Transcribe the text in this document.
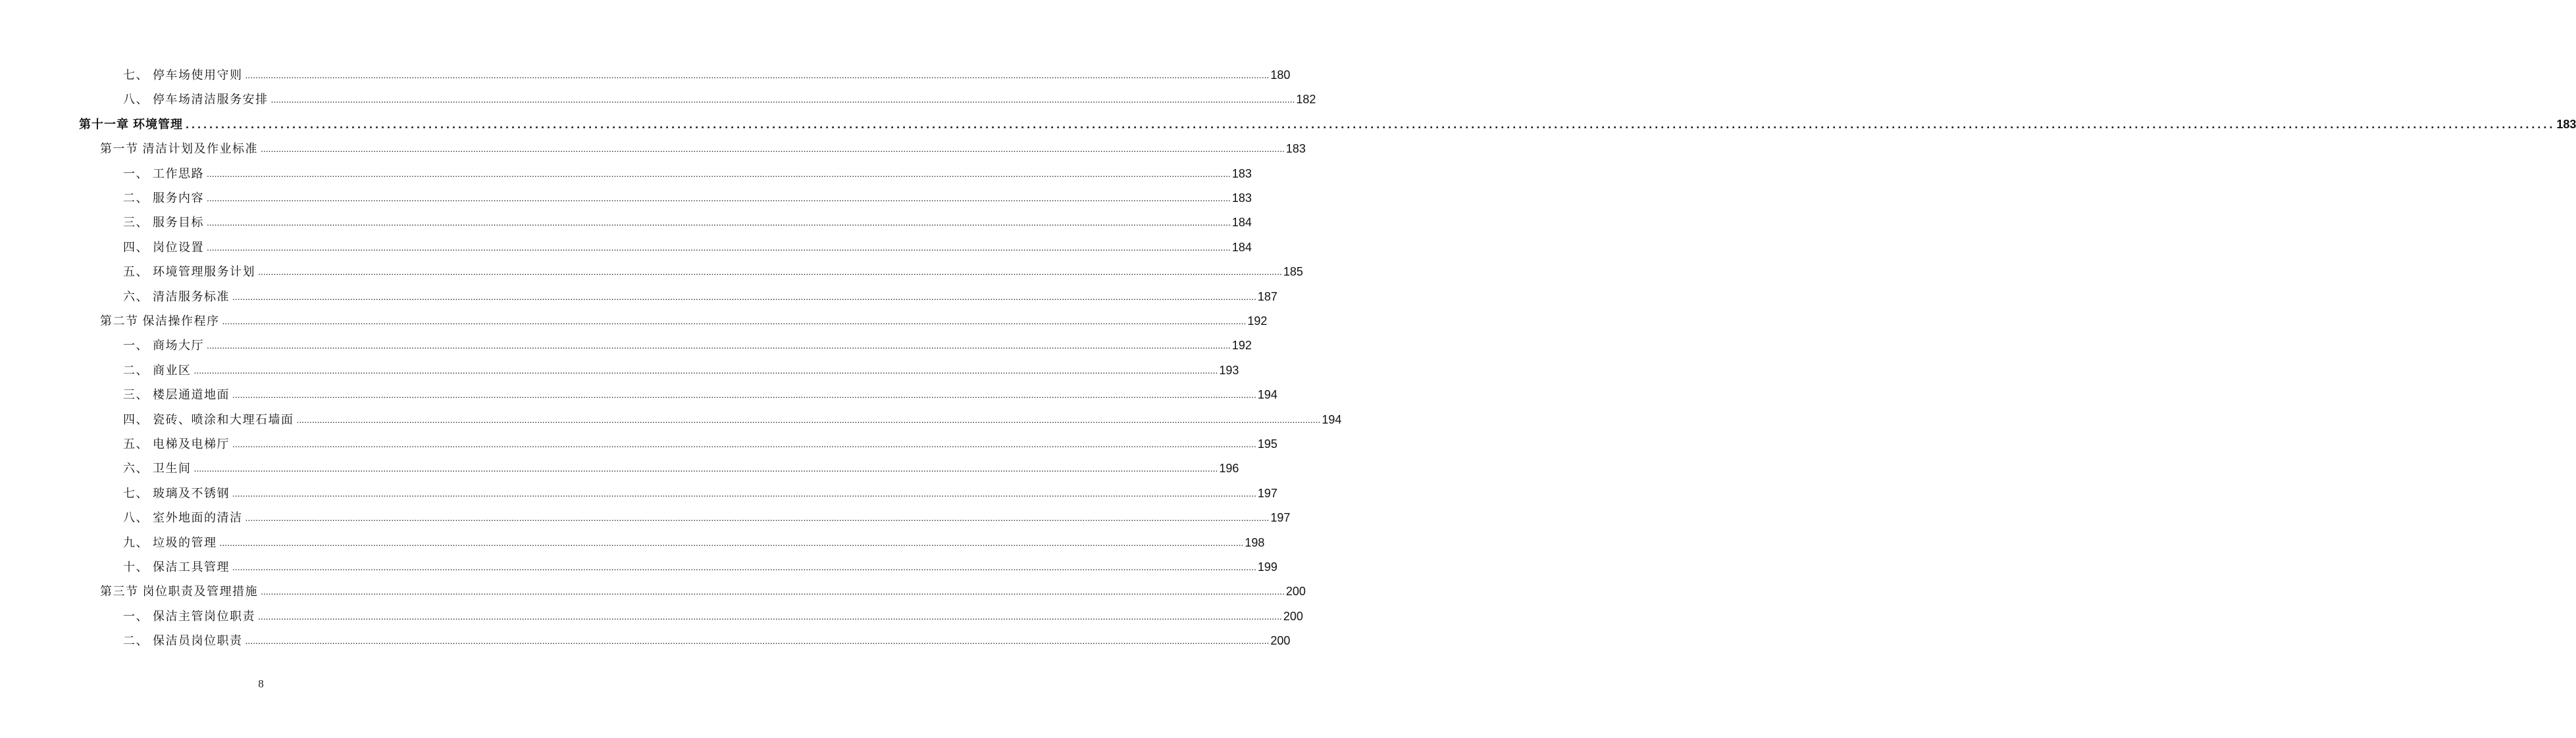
七、 停车场使用守则 ................................................................................................................................................................................................................................................................................................................................................................................................................ 180
八、 停车场清洁服务安排 ................................................................................................................................................................................................................................................................................................................................................................................................................ 182
第十一章 环境管理 ................................................................................................................................................................................................................................................................................................................................................................................................................ 183
第一节 清洁计划及作业标准 ................................................................................................................................................................................................................................................................................................................................................................................................................ 183
一、 工作思路 ................................................................................................................................................................................................................................................................................................................................................................................................................ 183
二、 服务内容 ................................................................................................................................................................................................................................................................................................................................................................................................................ 183
三、 服务目标 ................................................................................................................................................................................................................................................................................................................................................................................................................ 184
四、 岗位设置 ................................................................................................................................................................................................................................................................................................................................................................................................................ 184
五、 环境管理服务计划 ................................................................................................................................................................................................................................................................................................................................................................................................................ 185
六、 清洁服务标准 ................................................................................................................................................................................................................................................................................................................................................................................................................ 187
第二节 保洁操作程序 ................................................................................................................................................................................................................................................................................................................................................................................................................ 192
一、 商场大厅 ................................................................................................................................................................................................................................................................................................................................................................................................................ 192
二、 商业区 ................................................................................................................................................................................................................................................................................................................................................................................................................ 193
三、 楼层通道地面 ................................................................................................................................................................................................................................................................................................................................................................................................................ 194
四、 瓷砖、喷涂和大理石墙面 ................................................................................................................................................................................................................................................................................................................................................................................................................ 194
五、 电梯及电梯厅 ................................................................................................................................................................................................................................................................................................................................................................................................................ 195
六、 卫生间 ................................................................................................................................................................................................................................................................................................................................................................................................................ 196
七、 玻璃及不锈钢 ................................................................................................................................................................................................................................................................................................................................................................................................................ 197
八、 室外地面的清洁 ................................................................................................................................................................................................................................................................................................................................................................................................................ 197
九、 垃圾的管理 ................................................................................................................................................................................................................................................................................................................................................................................................................ 198
十、 保洁工具管理 ................................................................................................................................................................................................................................................................................................................................................................................................................ 199
第三节 岗位职责及管理措施 ................................................................................................................................................................................................................................................................................................................................................................................................................ 200
一、 保洁主管岗位职责 ................................................................................................................................................................................................................................................................................................................................................................................................................ 200
二、 保洁员岗位职责 ................................................................................................................................................................................................................................................................................................................................................................................................................ 200
8
